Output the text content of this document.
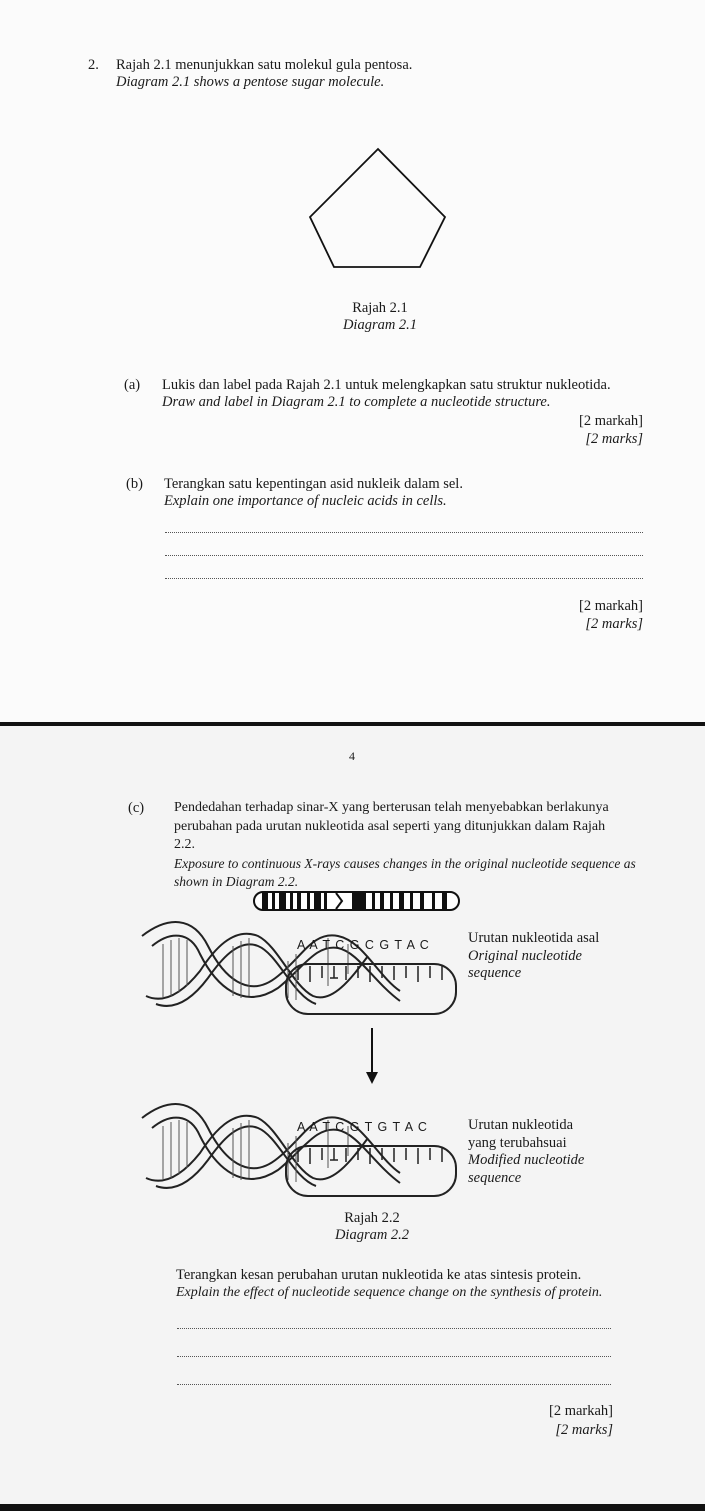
2. Rajah 2.1 menunjukkan satu molekul gula pentosa.
Diagram 2.1 shows a pentose sugar molecule.
Rajah 2.1
Diagram 2.1
(a) Lukis dan label pada Rajah 2.1 untuk melengkapkan satu struktur nukleotida.
Draw and label in Diagram 2.1 to complete a nucleotide structure.
[2 markah]
[2 marks]
(b) Terangkan satu kepentingan asid nukleik dalam sel.
Explain one importance of nucleic acids in cells.
[2 markah]
[2 marks]
4
(c) Pendedahan terhadap sinar-X yang berterusan telah menyebabkan berlakunya
perubahan pada urutan nukleotida asal seperti yang ditunjukkan dalam Rajah
2.2.
Exposure to continuous X-rays causes changes in the original nucleotide sequence as
shown in Diagram 2.2.
A A T C G C G T A C	Urutan nukleotida asal
Original nucleotide
sequence
A A T C G T G T A C	Urutan nukleotida
yang terubahsuai
Modified nucleotide
sequence
Rajah 2.2
Diagram 2.2
Terangkan kesan perubahan urutan nukleotida ke atas sintesis protein.
Explain the effect of nucleotide sequence change on the synthesis of protein.
[2 markah]
[2 marks]
